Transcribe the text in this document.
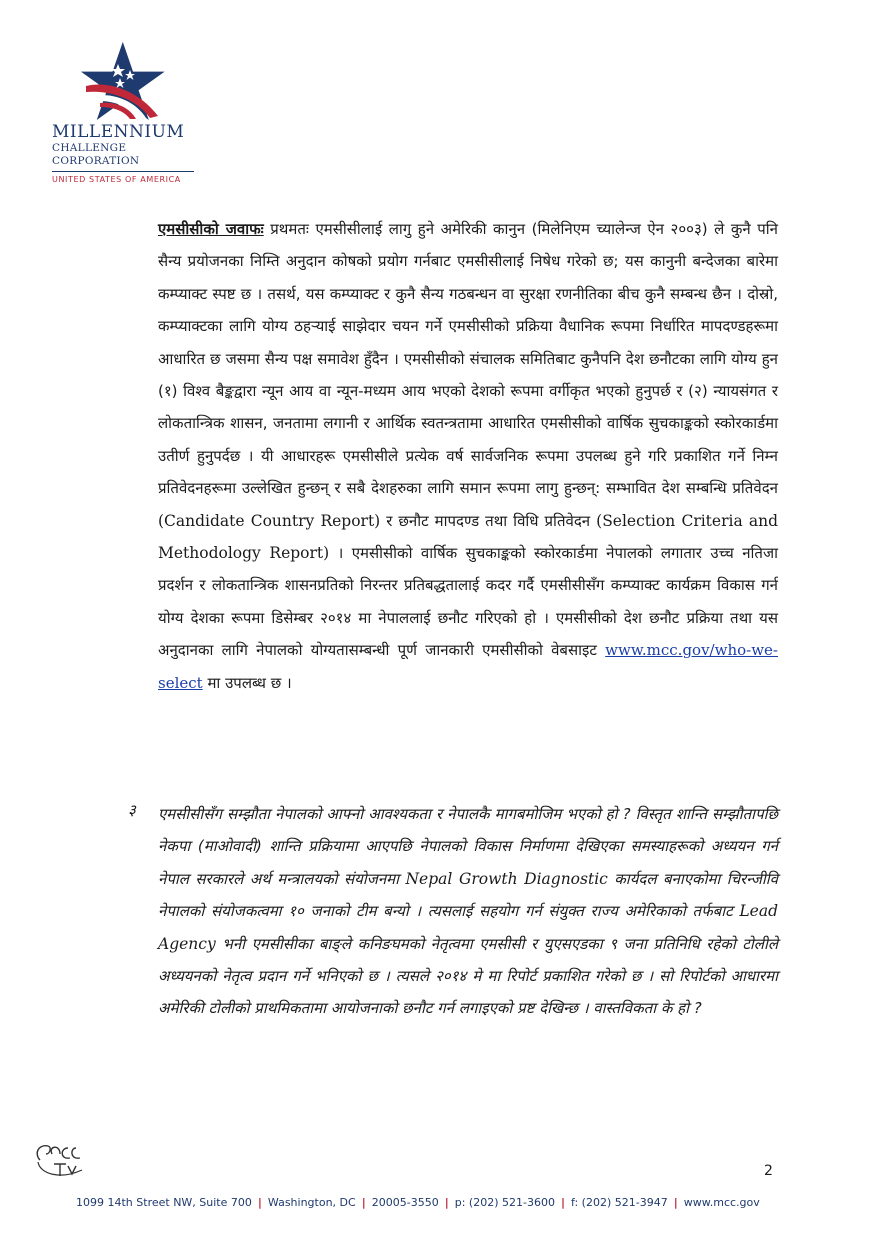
MILLENNIUM
CHALLENGE CORPORATION
UNITED STATES OF AMERICA
एमसीसीको जवाफः प्रथमतः एमसीसीलाई लागु हुने अमेरिकी कानुन (मिलेनिएम च्यालेन्ज ऐन २००३) ले कुनै पनि सैन्य प्रयोजनका निम्ति अनुदान कोषको प्रयोग गर्नबाट एमसीसीलाई निषेध गरेको छ; यस कानुनी बन्देजका बारेमा कम्प्याक्ट स्पष्ट छ । तसर्थ, यस कम्प्याक्ट र कुनै सैन्य गठबन्धन वा सुरक्षा रणनीतिका बीच कुनै सम्बन्ध छैन । दोस्रो, कम्प्याक्टका लागि योग्य ठहर्‍याई साझेदार चयन गर्ने एमसीसीको प्रक्रिया वैधानिक रूपमा निर्धारित मापदण्डहरूमा आधारित छ जसमा सैन्य पक्ष समावेश हुँदैन । एमसीसीको संचालक समितिबाट कुनैपनि देश छनौटका लागि योग्य हुन (१) विश्व बैङ्कद्वारा न्यून आय वा न्यून-मध्यम आय भएको देशको रूपमा वर्गीकृत भएको हुनुपर्छ र (२) न्यायसंगत र लोकतान्त्रिक शासन, जनतामा लगानी र आर्थिक स्वतन्त्रतामा आधारित एमसीसीको वार्षिक सुचकाङ्कको स्कोरकार्डमा उतीर्ण हुनुपर्दछ । यी आधारहरू एमसीसीले प्रत्येक वर्ष सार्वजनिक रूपमा उपलब्ध हुने गरि प्रकाशित गर्ने निम्न प्रतिवेदनहरूमा उल्लेखित हुन्छन् र सबै देशहरुका लागि समान रूपमा लागु हुन्छन्: सम्भावित देश सम्बन्धि प्रतिवेदन (Candidate Country Report) र छनौट मापदण्ड तथा विधि प्रतिवेदन (Selection Criteria and Methodology Report) । एमसीसीको वार्षिक सुचकाङ्कको स्कोरकार्डमा नेपालको लगातार उच्च नतिजा प्रदर्शन र लोकतान्त्रिक शासनप्रतिको निरन्तर प्रतिबद्धतालाई कदर गर्दै एमसीसीसँग कम्प्याक्ट कार्यक्रम विकास गर्न योग्य देशका रूपमा डिसेम्बर २०१४ मा नेपाललाई छनौट गरिएको हो । एमसीसीको देश छनौट प्रक्रिया तथा यस अनुदानका लागि नेपालको योग्यतासम्बन्धी पूर्ण जानकारी एमसीसीको वेबसाइट www.mcc.gov/who-we-select मा उपलब्ध छ ।
३ एमसीसीसँग सम्झौता नेपालको आफ्नो आवश्यकता र नेपालकै मागबमोजिम भएको हो ? विस्तृत शान्ति सम्झौतापछि नेकपा (माओवादी) शान्ति प्रक्रियामा आएपछि नेपालको विकास निर्माणमा देखिएका समस्याहरूको अध्ययन गर्न नेपाल सरकारले अर्थ मन्त्रालयको संयोजनमा Nepal Growth Diagnostic कार्यदल बनाएकोमा चिरन्जीवि नेपालको संयोजकत्वमा १० जनाको टीम बन्यो । त्यसलाई सहयोग गर्न संयुक्त राज्य अमेरिकाको तर्फबाट Lead Agency भनी एमसीसीका बाङ्ले कनिङघमको नेतृत्वमा एमसीसी र युएसएडका ९ जना प्रतिनिधि रहेको टोलीले अध्ययनको नेतृत्व प्रदान गर्ने भनिएको छ । त्यसले २०१४ मे मा रिपोर्ट प्रकाशित गरेको छ । सो रिपोर्टको आधारमा अमेरिकी टोलीको प्राथमिकतामा आयोजनाको छनौट गर्न लगाइएको प्रष्ट देखिन्छ । वास्तविकता के हो ?
2
1099 14th Street NW, Suite 700 | Washington, DC | 20005-3550 | p: (202) 521-3600 | f: (202) 521-3947 | www.mcc.gov
